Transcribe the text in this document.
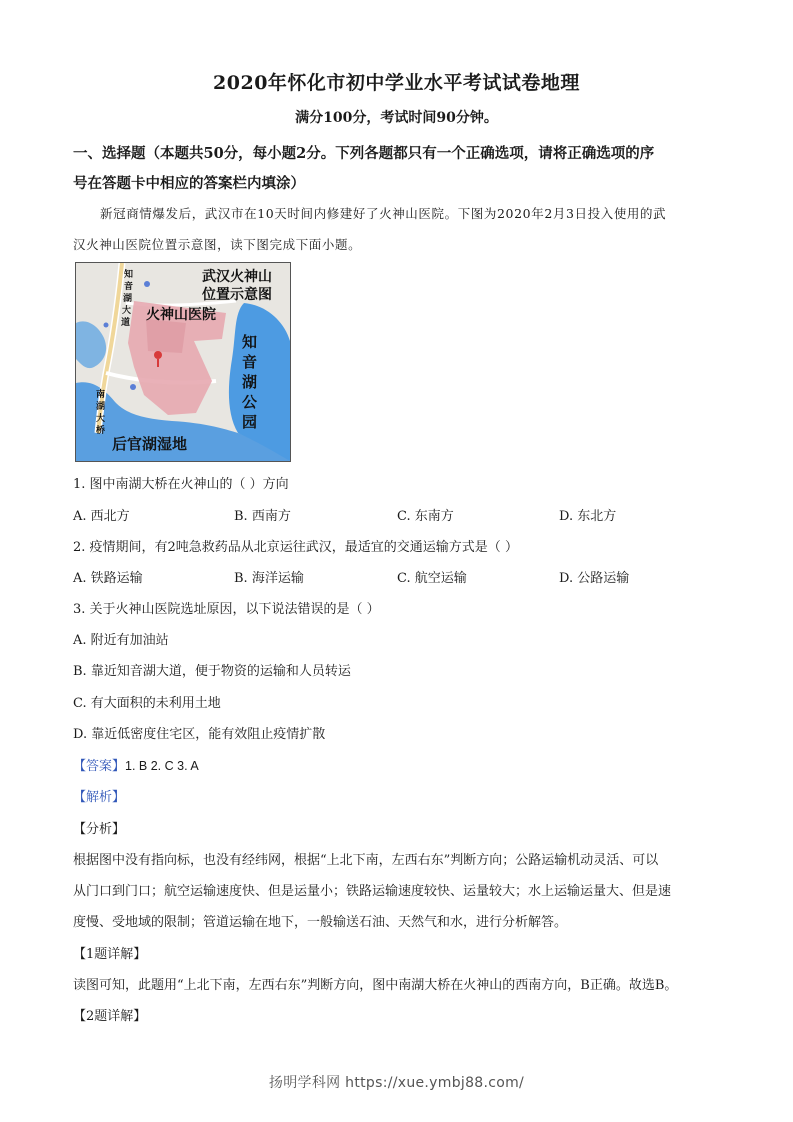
2020年怀化市初中学业水平考试试卷地理
满分100分，考试时间90分钟。
一、选择题（本题共50分，每小题2分。下列各题都只有一个正确选项，请将正确选项的序
号在答题卡中相应的答案栏内填涂）
新冠商情爆发后，武汉市在10天时间内修建好了火神山医院。下图为2020年2月3日投入使用的武
汉火神山医院位置示意图，读下图完成下面小题。
武汉火神山
位置示意图
火神山医院
知
音
湖
大
道
南
湖
大
桥
知
音
湖
公
园
后官湖湿地
1. 图中南湖大桥在火神山的（ ）方向
A. 西北方	B. 西南方	C. 东南方	D. 东北方
2. 疫情期间，有2吨急救药品从北京运往武汉，最适宜的交通运输方式是（ ）
A. 铁路运输	B. 海洋运输	C. 航空运输	D. 公路运输
3. 关于火神山医院选址原因，以下说法错误的是（ ）
A. 附近有加油站
B. 靠近知音湖大道，便于物资的运输和人员转运
C. 有大面积的未利用土地
D. 靠近低密度住宅区，能有效阻止疫情扩散
【答案】1. B 2. C 3. A
【解析】
【分析】
根据图中没有指向标，也没有经纬网，根据“上北下南，左西右东”判断方向；公路运输机动灵活、可以
从门口到门口；航空运输速度快、但是运量小；铁路运输速度较快、运量较大；水上运输运量大、但是速
度慢、受地域的限制；管道运输在地下，一般输送石油、天然气和水，进行分析解答。
【1题详解】
读图可知，此题用“上北下南，左西右东”判断方向，图中南湖大桥在火神山的西南方向，B正确。故选B。
【2题详解】
扬明学科网 https://xue.ymbj88.com/
